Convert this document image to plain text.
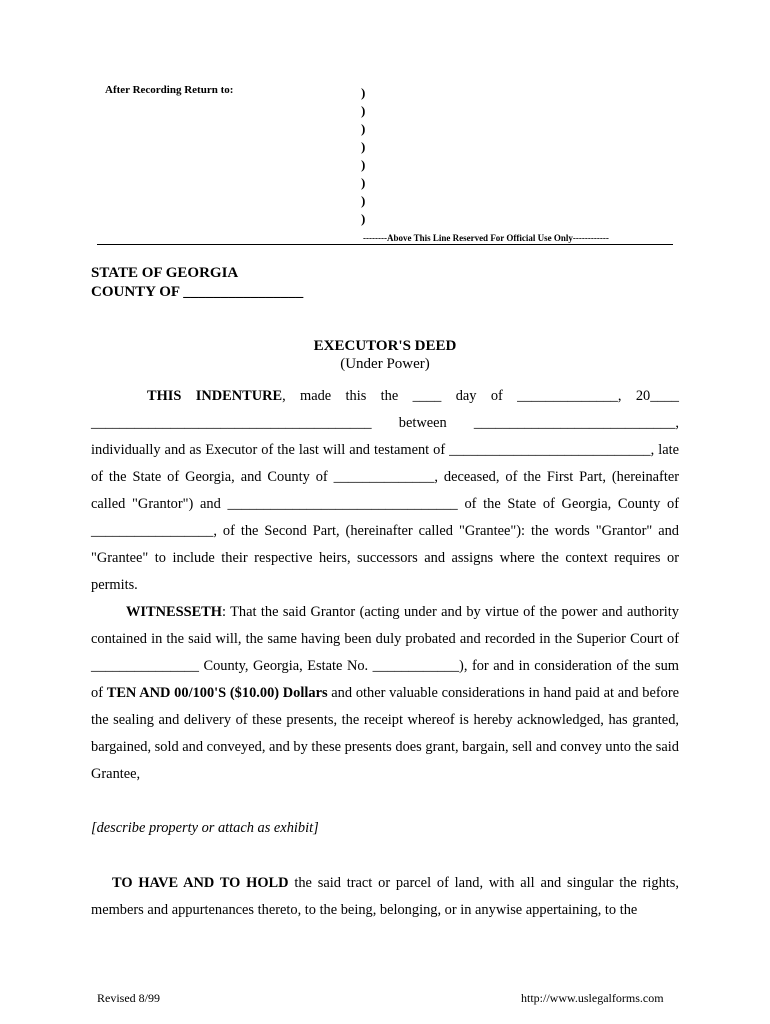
After Recording Return to:	)
)
)
)
)
)
)
)
--------Above This Line Reserved For Official Use Only------------
STATE OF GEORGIA
COUNTY OF ________________
EXECUTOR'S DEED
(Under Power)

THIS INDENTURE, made this the ____ day of ______________, 20____ _______________________________________ between ____________________________, individually and as Executor of the last will and testament of ____________________________, late of the State of Georgia, and County of ______________, deceased, of the First Part, (hereinafter called "Grantor") and ________________________________ of the State of Georgia, County of _________________, of the Second Part, (hereinafter called "Grantee"): the words "Grantor" and "Grantee" to include their respective heirs, successors and assigns where the context requires or permits.

WITNESSETH: That the said Grantor (acting under and by virtue of the power and authority contained in the said will, the same having been duly probated and recorded in the Superior Court of _______________ County, Georgia, Estate No. ____________), for and in consideration of the sum of TEN AND 00/100'S ($10.00) Dollars and other valuable considerations in hand paid at and before the sealing and delivery of these presents, the receipt whereof is hereby acknowledged, has granted, bargained, sold and conveyed, and by these presents does grant, bargain, sell and convey unto the said Grantee,

[describe property or attach as exhibit]

TO HAVE AND TO HOLD the said tract or parcel of land, with all and singular the rights, members and appurtenances thereto, to the being, belonging, or in anywise appertaining, to the

Revised 8/99	http://www.uslegalforms.com
